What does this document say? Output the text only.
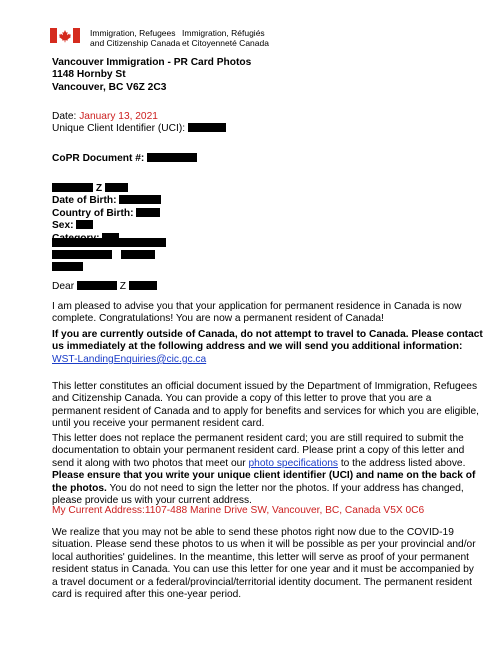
Immigration, Refugees
and Citizenship Canada
Immigration, Réfugiés
et Citoyenneté Canada
Vancouver Immigration - PR Card Photos
1148 Hornby St
Vancouver, BC V6Z 2C3
Date: January 13, 2021
Unique Client Identifier (UCI):
CoPR Document #:
Z
Date of Birth:
Country of Birth:
Sex:
Dear	Z
I am pleased to advise you that your application for permanent residence in Canada is now
complete. Congratulations! You are now a permanent resident of Canada!
If you are currently outside of Canada, do not attempt to travel to Canada. Please contact
us immediately at the following address and we will send you additional information:
WST-LandingEnquiries@cic.gc.ca
This letter constitutes an official document issued by the Department of Immigration, Refugees
and Citizenship Canada. You can provide a copy of this letter to prove that you are a
permanent resident of Canada and to apply for benefits and services for which you are eligible,
until you receive your permanent resident card.
This letter does not replace the permanent resident card; you are still required to submit the
documentation to obtain your permanent resident card. Please print a copy of this letter and
send it along with two photos that meet our photo specifications to the address listed above.
Please ensure that you write your unique client identifier (UCI) and name on the back of
the photos. You do not need to sign the letter nor the photos. If your address has changed,
please provide us with your current address.
My Current Address:1107-488 Marine Drive SW, Vancouver, BC, Canada V5X 0C6
We realize that you may not be able to send these photos right now due to the COVID-19
situation. Please send these photos to us when it will be possible as per your provincial and/or
local authorities' guidelines. In the meantime, this letter will serve as proof of your permanent
resident status in Canada. You can use this letter for one year and it must be accompanied by
a travel document or a federal/provincial/territorial identity document. The permanent resident
card is required after this one-year period.
